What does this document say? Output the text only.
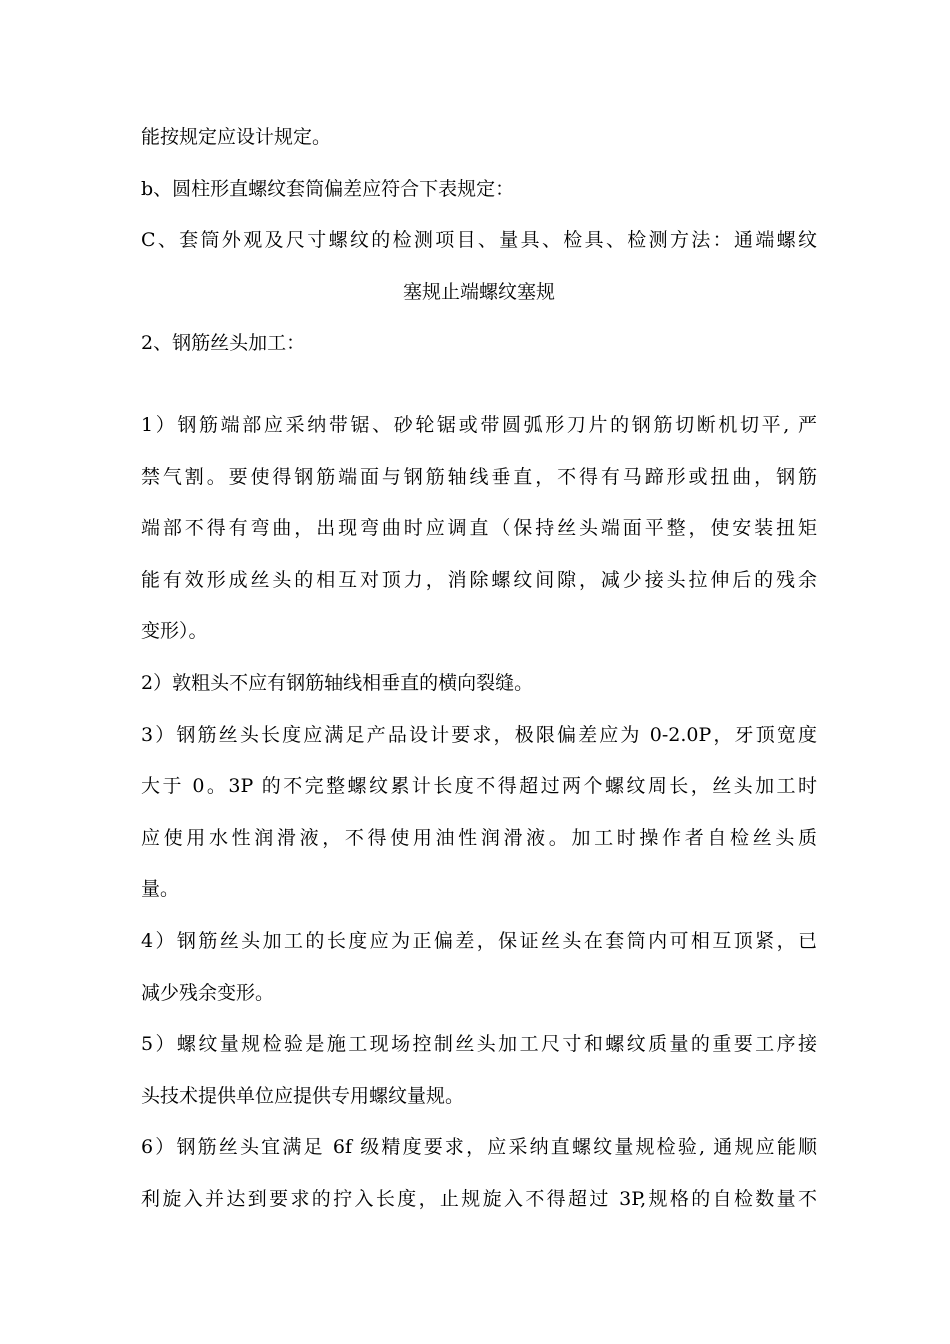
能按规定应设计规定。
b、圆柱形直螺纹套筒偏差应符合下表规定：
C、套筒外观及尺寸螺纹的检测项目、量具、检具、检测方法：通端螺纹
塞规止端螺纹塞规
2、钢筋丝头加工：
1）钢筋端部应采纳带锯、砂轮锯或带圆弧形刀片的钢筋切断机切平, 严
禁气割。要使得钢筋端面与钢筋轴线垂直，不得有马蹄形或扭曲，钢筋
端部不得有弯曲，出现弯曲时应调直（保持丝头端面平整，使安装扭矩
能有效形成丝头的相互对顶力，消除螺纹间隙，减少接头拉伸后的残余
变形）。
2）敦粗头不应有钢筋轴线相垂直的横向裂缝。
3）钢筋丝头长度应满足产品设计要求，极限偏差应为 0-2.0P，牙顶宽度
大于 0。3P 的不完整螺纹累计长度不得超过两个螺纹周长，丝头加工时
应使用水性润滑液，不得使用油性润滑液。加工时操作者自检丝头质
量。
4）钢筋丝头加工的长度应为正偏差，保证丝头在套筒内可相互顶紧，已
减少残余变形。
5）螺纹量规检验是施工现场控制丝头加工尺寸和螺纹质量的重要工序接
头技术提供单位应提供专用螺纹量规。
6）钢筋丝头宜满足 6f 级精度要求，应采纳直螺纹量规检验, 通规应能顺
利旋入并达到要求的拧入长度，止规旋入不得超过 3P,规格的自检数量不
